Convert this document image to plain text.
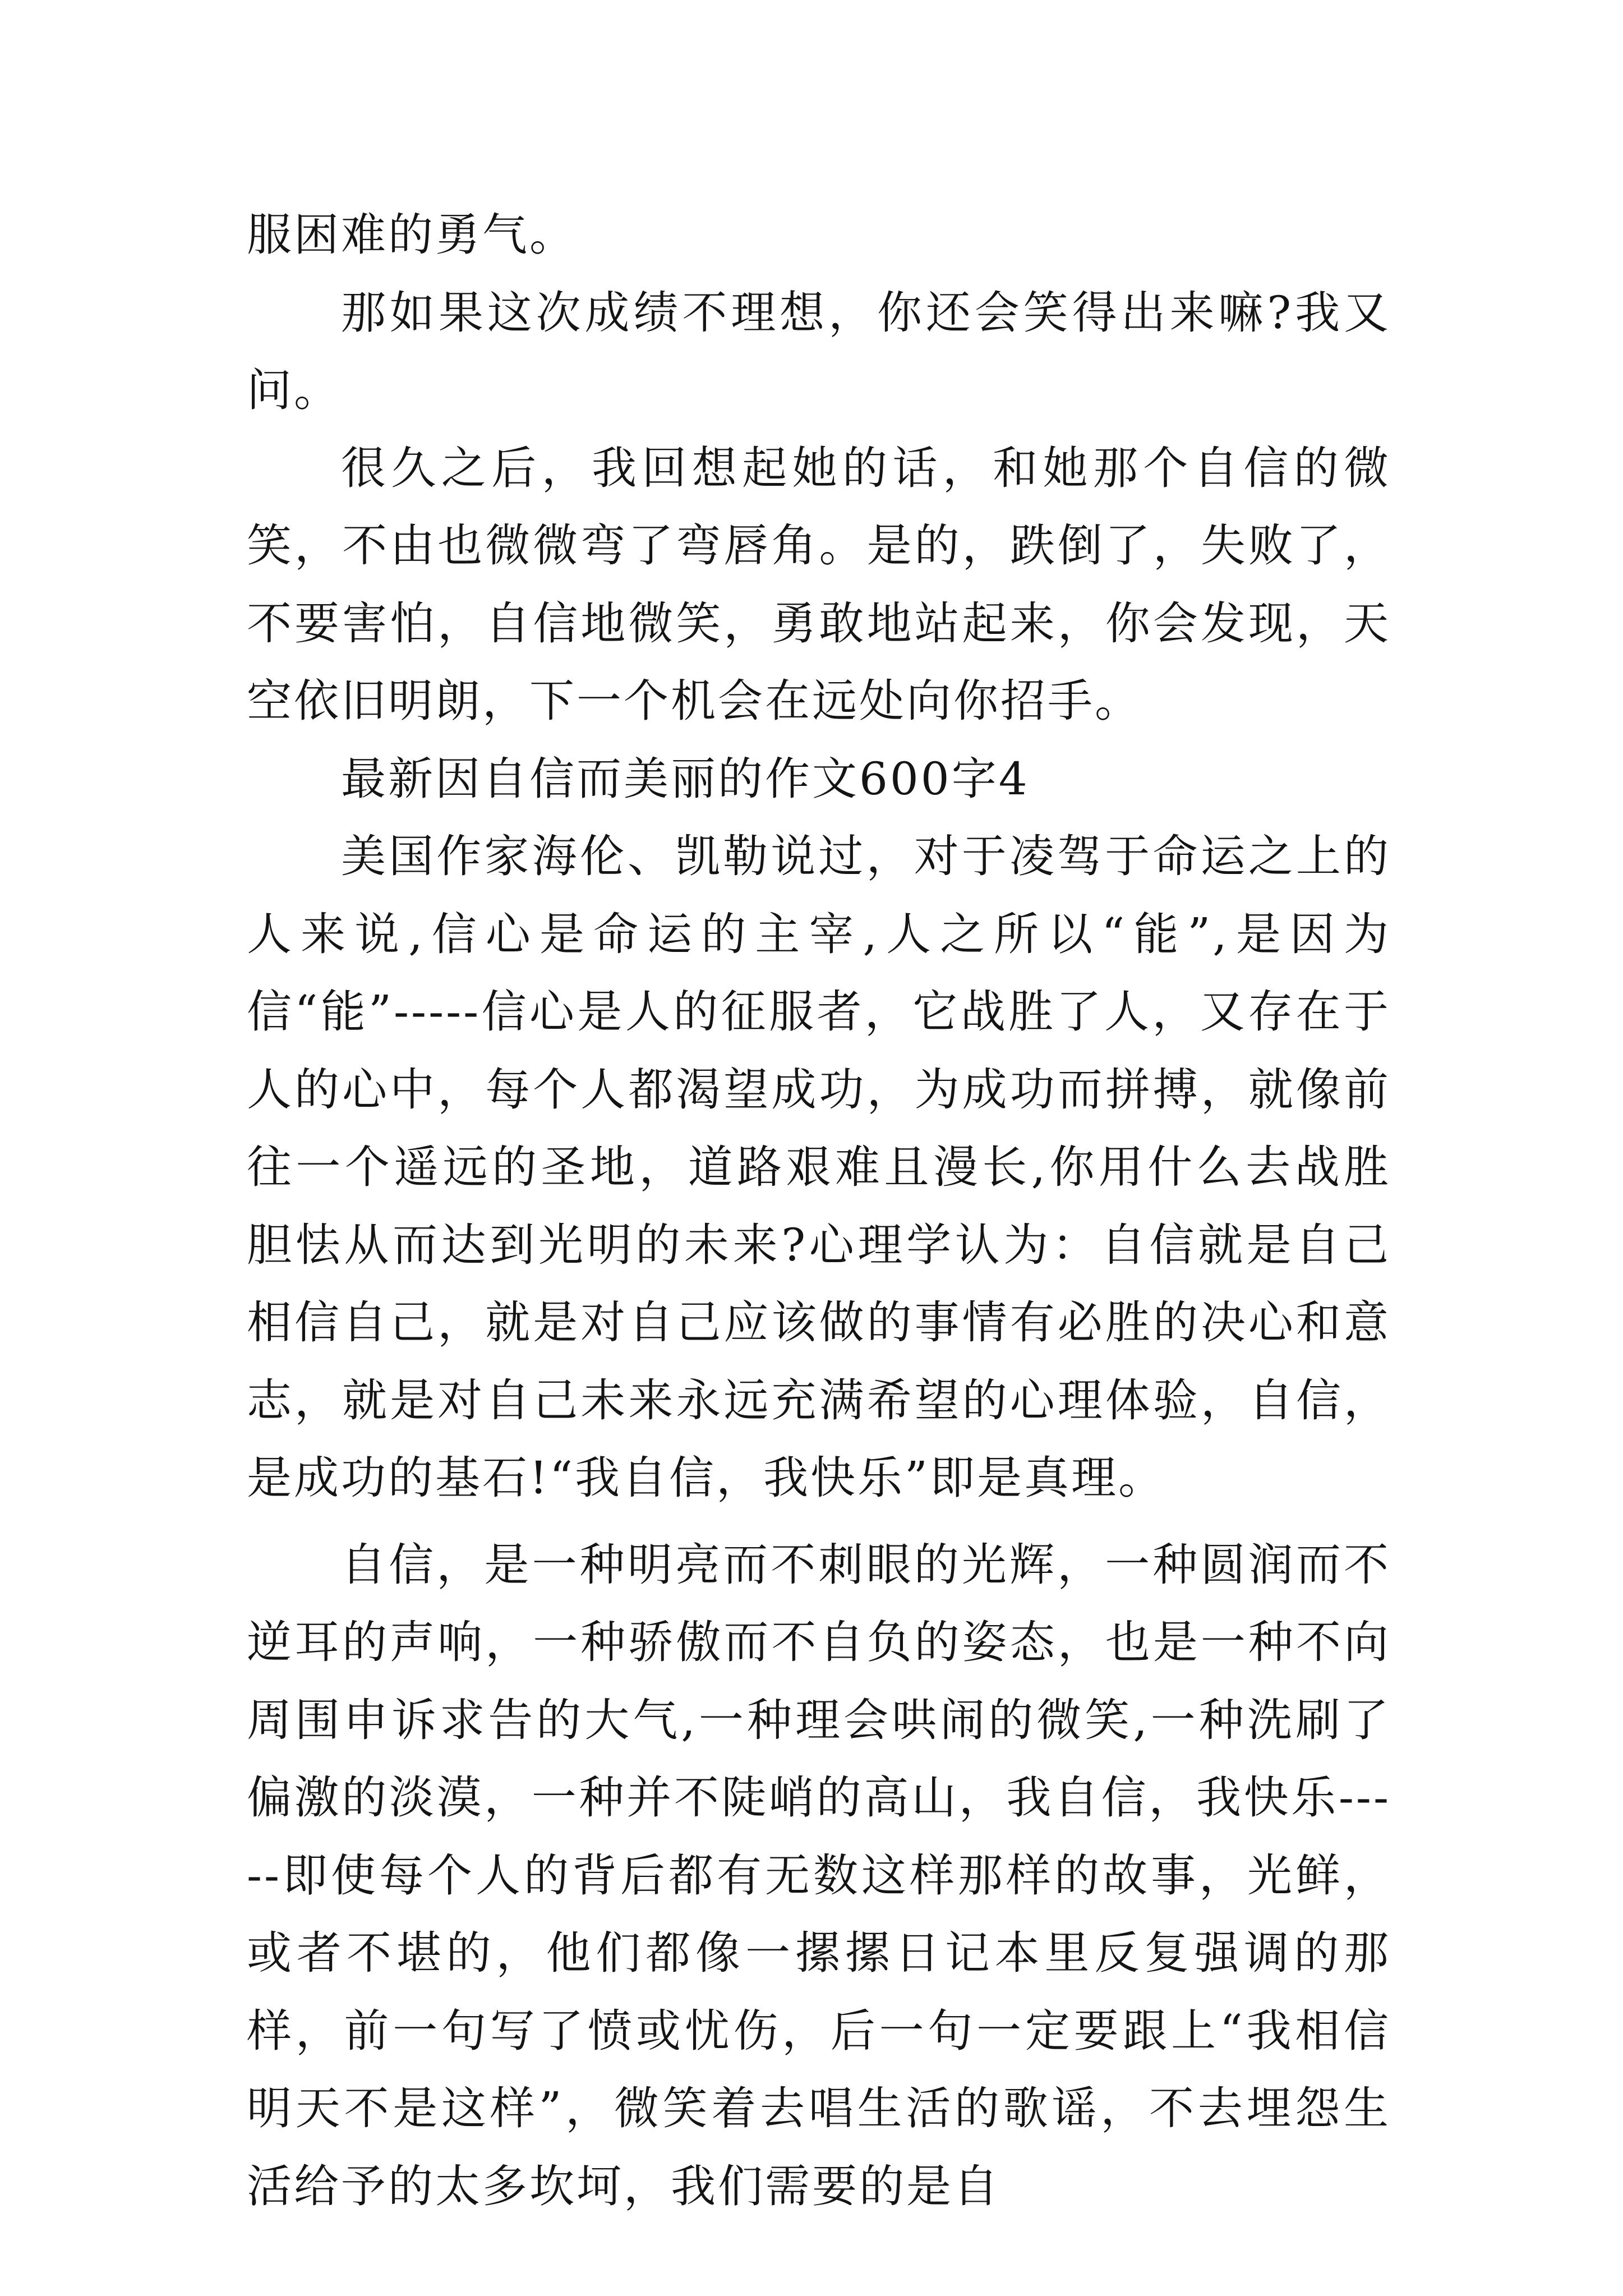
服困难的勇气。

那如果这次成绩不理想，你还会笑得出来嘛?我又问。

很久之后，我回想起她的话，和她那个自信的微笑，不由也微微弯了弯唇角。是的，跌倒了，失败了，不要害怕，自信地微笑，勇敢地站起来，你会发现，天空依旧明朗，下一个机会在远处向你招手。

最新因自信而美丽的作文600字4

美国作家海伦、凯勒说过，对于凌驾于命运之上的人来说,信心是命运的主宰,人之所以“能”,是因为信“能”-----信心是人的征服者，它战胜了人，又存在于人的心中，每个人都渴望成功，为成功而拼搏，就像前往一个遥远的圣地，道路艰难且漫长,你用什么去战胜胆怯从而达到光明的未来?心理学认为：自信就是自己相信自己，就是对自己应该做的事情有必胜的决心和意志，就是对自己未来永远充满希望的心理体验，自信，是成功的基石!“我自信，我快乐”即是真理。

自信，是一种明亮而不刺眼的光辉，一种圆润而不逆耳的声响，一种骄傲而不自负的姿态，也是一种不向周围申诉求告的大气,一种理会哄闹的微笑,一种洗刷了偏激的淡漠，一种并不陡峭的高山，我自信，我快乐-----即使每个人的背后都有无数这样那样的故事，光鲜，或者不堪的，他们都像一摞摞日记本里反复强调的那样，前一句写了愤或忧伤，后一句一定要跟上“我相信明天不是这样”，微笑着去唱生活的歌谣，不去埋怨生活给予的太多坎坷，我们需要的是自
